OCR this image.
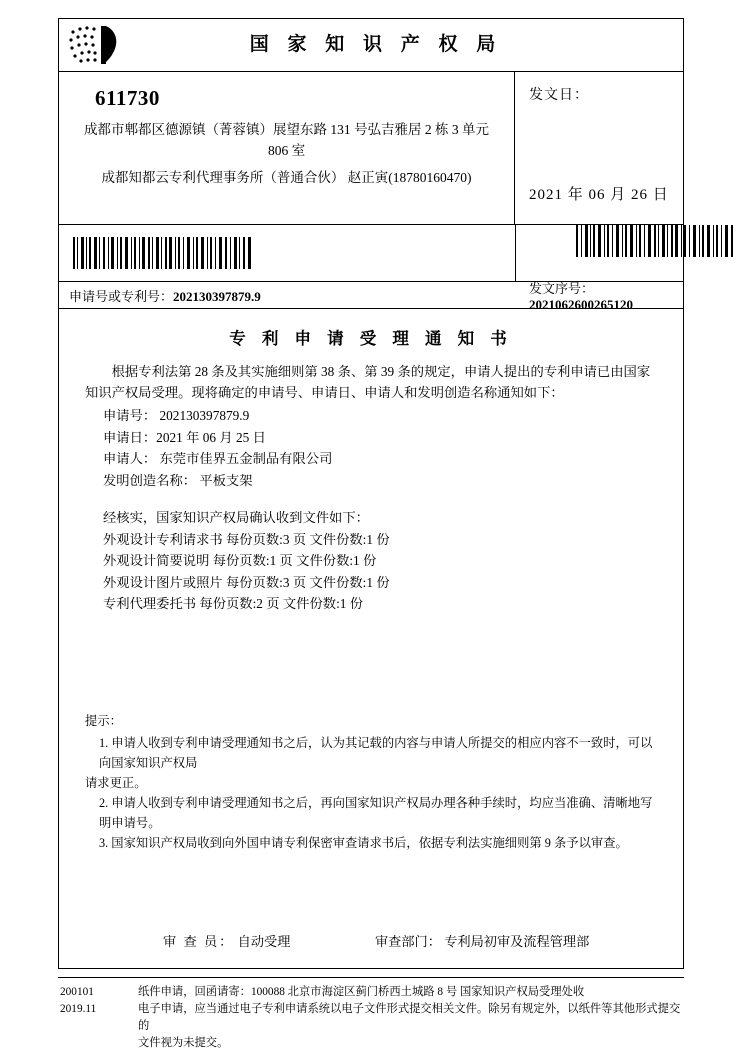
国 家 知 识 产 权 局
611730
成都市郫都区德源镇（菁蓉镇）展望东路 131 号弘吉雅居 2 栋 3 单元
806 室
成都知都云专利代理事务所（普通合伙） 赵正寅(18780160470)
发文日：
2021 年 06 月 26 日
申请号或专利号：202130397879.9
发文序号：2021062600265120
专 利 申 请 受 理 通 知 书

根据专利法第 28 条及其实施细则第 38 条、第 39 条的规定，申请人提出的专利申请已由国家知识产权局受理。现将确定的申请号、申请日、申请人和发明创造名称通知如下：

申请号： 202130397879.9
申请日：2021 年 06 月 25 日
申请人： 东莞市佳界五金制品有限公司
发明创造名称： 平板支架
经核实，国家知识产权局确认收到文件如下：
外观设计专利请求书 每份页数:3 页 文件份数:1 份
外观设计简要说明 每份页数:1 页 文件份数:1 份
外观设计图片或照片 每份页数:3 页 文件份数:1 份
专利代理委托书 每份页数:2 页 文件份数:1 份
提示：
1. 申请人收到专利申请受理通知书之后，认为其记载的内容与申请人所提交的相应内容不一致时，可以向国家知识产权局
请求更正。
2. 申请人收到专利申请受理通知书之后，再向国家知识产权局办理各种手续时，均应当准确、清晰地写明申请号。
3. 国家知识产权局收到向外国申请专利保密审查请求书后，依据专利法实施细则第 9 条予以审查。
审 查 员： 自动受理	审查部门： 专利局初审及流程管理部
200101
2019.11
纸件申请，回函请寄：100088 北京市海淀区蓟门桥西土城路 8 号 国家知识产权局受理处收
电子申请，应当通过电子专利申请系统以电子文件形式提交相关文件。除另有规定外，以纸件等其他形式提交的
文件视为未提交。
